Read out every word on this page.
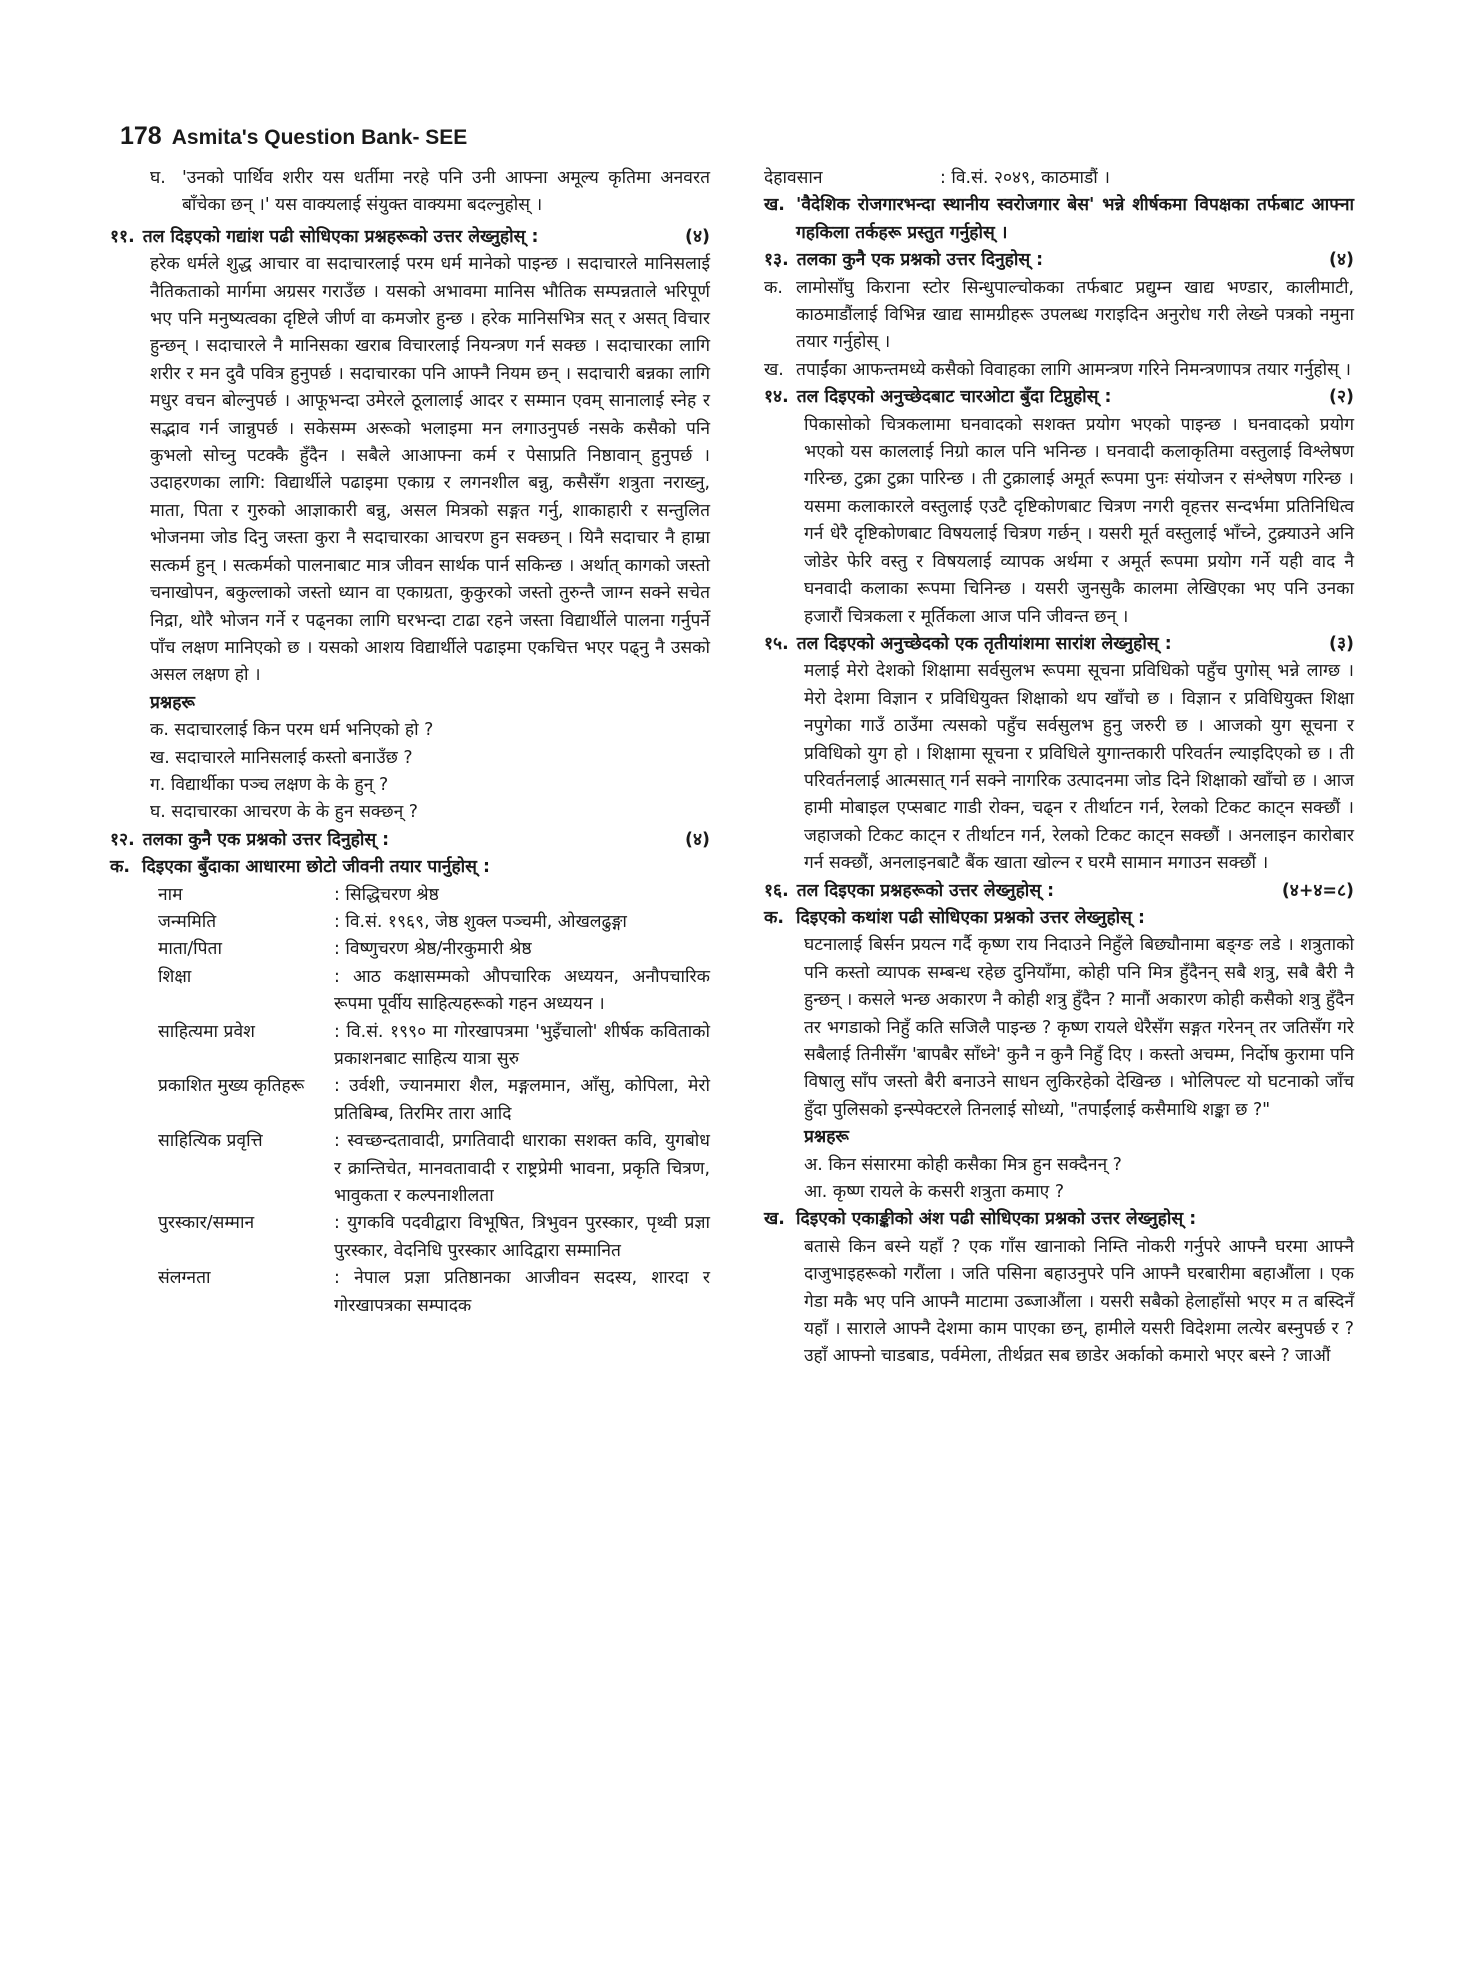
178 Asmita's Question Bank- SEE
घ. 'उनको पार्थिव शरीर यस धर्तीमा नरहे पनि उनी आफ्ना अमूल्य कृतिमा अनवरत बाँचेका छन् ।' यस वाक्यलाई संयुक्त वाक्यमा बदल्नुहोस् ।
११. तल दिइएको गद्यांश पढी सोधिएका प्रश्नहरूको उत्तर लेख्नुहोस् :	(४)
हरेक धर्मले शुद्ध आचार वा सदाचारलाई परम धर्म मानेको पाइन्छ । सदाचारले मानिसलाई नैतिकताको मार्गमा अग्रसर गराउँछ । यसको अभावमा मानिस भौतिक सम्पन्नताले भरिपूर्ण भए पनि मनुष्यत्वका दृष्टिले जीर्ण वा कमजोर हुन्छ । हरेक मानिसभित्र सत् र असत् विचार हुन्छन् । सदाचारले नै मानिसका खराब विचारलाई नियन्त्रण गर्न सक्छ । सदाचारका लागि शरीर र मन दुवै पवित्र हुनुपर्छ । सदाचारका पनि आफ्नै नियम छन् । सदाचारी बन्नका लागि मधुर वचन बोल्नुपर्छ । आफूभन्दा उमेरले ठूलालाई आदर र सम्मान एवम् सानालाई स्नेह र सद्भाव गर्न जान्नुपर्छ । सकेसम्म अरूको भलाइमा मन लगाउनुपर्छ नसके कसैको पनि कुभलो सोच्नु पटक्कै हुँदैन । सबैले आआफ्ना कर्म र पेसाप्रति निष्ठावान् हुनुपर्छ । उदाहरणका लागि: विद्यार्थीले पढाइमा एकाग्र र लगनशील बन्नु, कसैसँग शत्रुता नराख्नु, माता, पिता र गुरुको आज्ञाकारी बन्नु, असल मित्रको सङ्गत गर्नु, शाकाहारी र सन्तुलित भोजनमा जोड दिनु जस्ता कुरा नै सदाचारका आचरण हुन सक्छन् । यिनै सदाचार नै हाम्रा सत्कर्म हुन् । सत्कर्मको पालनाबाट मात्र जीवन सार्थक पार्न सकिन्छ । अर्थात् कागको जस्तो चनाखोपन, बकुल्लाको जस्तो ध्यान वा एकाग्रता, कुकुरको जस्तो तुरुन्तै जाग्न सक्ने सचेत निद्रा, थोरै भोजन गर्ने र पढ्नका लागि घरभन्दा टाढा रहने जस्ता विद्यार्थीले पालना गर्नुपर्ने पाँच लक्षण मानिएको छ । यसको आशय विद्यार्थीले पढाइमा एकचित्त भएर पढ्नु नै उसको असल लक्षण हो ।
प्रश्नहरू
क. सदाचारलाई किन परम धर्म भनिएको हो ?
ख. सदाचारले मानिसलाई कस्तो बनाउँछ ?
ग. विद्यार्थीका पञ्च लक्षण के के हुन् ?
घ. सदाचारका आचरण के के हुन सक्छन् ?
१२. तलका कुनै एक प्रश्नको उत्तर दिनुहोस् :	(४)
क. दिइएका बुँदाका आधारमा छोटो जीवनी तयार पार्नुहोस् :
नाम	: सिद्धिचरण श्रेष्ठ
जन्ममिति	: वि.सं. १९६९, जेष्ठ शुक्ल पञ्चमी, ओखलढुङ्गा
माता/पिता	: विष्णुचरण श्रेष्ठ/नीरकुमारी श्रेष्ठ
शिक्षा	: आठ कक्षासम्मको औपचारिक अध्ययन, अनौपचारिक रूपमा पूर्वीय साहित्यहरूको गहन अध्ययन ।
साहित्यमा प्रवेश	: वि.सं. १९९० मा गोरखापत्रमा 'भुइँचालो' शीर्षक कविताको प्रकाशनबाट साहित्य यात्रा सुरु
प्रकाशित मुख्य कृतिहरू	: उर्वशी, ज्यानमारा शैल, मङ्गलमान, आँसु, कोपिला, मेरो प्रतिबिम्ब, तिरमिर तारा आदि
साहित्यिक प्रवृत्ति	: स्वच्छन्दतावादी, प्रगतिवादी धाराका सशक्त कवि, युगबोध र क्रान्तिचेत, मानवतावादी र राष्ट्रप्रेमी भावना, प्रकृति चित्रण, भावुकता र कल्पनाशीलता
पुरस्कार/सम्मान	: युगकवि पदवीद्वारा विभूषित, त्रिभुवन पुरस्कार, पृथ्वी प्रज्ञा पुरस्कार, वेदनिधि पुरस्कार आदिद्वारा सम्मानित
संलग्नता	: नेपाल प्रज्ञा प्रतिष्ठानका आजीवन सदस्य, शारदा र गोरखापत्रका सम्पादक
देहावसान	: वि.सं. २०४९, काठमाडौं ।
ख. 'वैदेशिक रोजगारभन्दा स्थानीय स्वरोजगार बेस' भन्ने शीर्षकमा विपक्षका तर्फबाट आफ्ना गहकिला तर्कहरू प्रस्तुत गर्नुहोस् ।
१३. तलका कुनै एक प्रश्नको उत्तर दिनुहोस् :	(४)
क. लामोसाँघु किराना स्टोर सिन्धुपाल्चोकका तर्फबाट प्रद्युम्न खाद्य भण्डार, कालीमाटी, काठमाडौंलाई विभिन्न खाद्य सामग्रीहरू उपलब्ध गराइदिन अनुरोध गरी लेख्ने पत्रको नमुना तयार गर्नुहोस् ।
ख. तपाईंका आफन्तमध्ये कसैको विवाहका लागि आमन्त्रण गरिने निमन्त्रणापत्र तयार गर्नुहोस् ।
१४. तल दिइएको अनुच्छेदबाट चारओटा बुँदा टिप्नुहोस् :	(२)
पिकासोको चित्रकलामा घनवादको सशक्त प्रयोग भएको पाइन्छ । घनवादको प्रयोग भएको यस काललाई निग्रो काल पनि भनिन्छ । घनवादी कलाकृतिमा वस्तुलाई विश्लेषण गरिन्छ, टुक्रा टुक्रा पारिन्छ । ती टुक्रालाई अमूर्त रूपमा पुनः संयोजन र संश्लेषण गरिन्छ । यसमा कलाकारले वस्तुलाई एउटै दृष्टिकोणबाट चित्रण नगरी वृहत्तर सन्दर्भमा प्रतिनिधित्व गर्न धेरै दृष्टिकोणबाट विषयलाई चित्रण गर्छन् । यसरी मूर्त वस्तुलाई भाँच्ने, टुक्र्याउने अनि जोडेर फेरि वस्तु र विषयलाई व्यापक अर्थमा र अमूर्त रूपमा प्रयोग गर्ने यही वाद नै घनवादी कलाका रूपमा चिनिन्छ । यसरी जुनसुकै कालमा लेखिएका भए पनि उनका हजारौं चित्रकला र मूर्तिकला आज पनि जीवन्त छन् ।
१५. तल दिइएको अनुच्छेदको एक तृतीयांशमा सारांश लेख्नुहोस् :	(३)
मलाई मेरो देशको शिक्षामा सर्वसुलभ रूपमा सूचना प्रविधिको पहुँच पुगोस् भन्ने लाग्छ । मेरो देशमा विज्ञान र प्रविधियुक्त शिक्षाको थप खाँचो छ । विज्ञान र प्रविधियुक्त शिक्षा नपुगेका गाउँ ठाउँमा त्यसको पहुँच सर्वसुलभ हुनु जरुरी छ । आजको युग सूचना र प्रविधिको युग हो । शिक्षामा सूचना र प्रविधिले युगान्तकारी परिवर्तन ल्याइदिएको छ । ती परिवर्तनलाई आत्मसात् गर्न सक्ने नागरिक उत्पादनमा जोड दिने शिक्षाको खाँचो छ । आज हामी मोबाइल एप्सबाट गाडी रोक्न, चढ्न र तीर्थाटन गर्न, रेलको टिकट काट्न सक्छौं । जहाजको टिकट काट्न र तीर्थाटन गर्न, रेलको टिकट काट्न सक्छौं । अनलाइन कारोबार गर्न सक्छौं, अनलाइनबाटै बैंक खाता खोल्न र घरमै सामान मगाउन सक्छौं ।
१६. तल दिइएका प्रश्नहरूको उत्तर लेख्नुहोस् :	(४+४=८)
क. दिइएको कथांश पढी सोधिएका प्रश्नको उत्तर लेख्नुहोस् :
घटनालाई बिर्सन प्रयत्न गर्दै कृष्ण राय निदाउने निहुँले बिछ्यौनामा बङ्ग्ङ लडे । शत्रुताको पनि कस्तो व्यापक सम्बन्ध रहेछ दुनियाँमा, कोही पनि मित्र हुँदैनन् सबै शत्रु, सबै बैरी नै हुन्छन् । कसले भन्छ अकारण नै कोही शत्रु हुँदैन ? मानौं अकारण कोही कसैको शत्रु हुँदैन तर भगडाको निहुँ कति सजिलै पाइन्छ ? कृष्ण रायले धेरैसँग सङ्गत गरेनन् तर जतिसँग गरे सबैलाई तिनीसँग 'बापबैर साँध्ने' कुनै न कुनै निहुँ दिए । कस्तो अचम्म, निर्दोष कुरामा पनि विषालु साँप जस्तो बैरी बनाउने साधन लुकिरहेको देखिन्छ । भोलिपल्ट यो घटनाको जाँच हुँदा पुलिसको इन्स्पेक्टरले तिनलाई सोध्यो, "तपाईंलाई कसैमाथि शङ्का छ ?"
प्रश्नहरू
अ. किन संसारमा कोही कसैका मित्र हुन सक्दैनन् ?
आ. कृष्ण रायले के कसरी शत्रुता कमाए ?
ख. दिइएको एकाङ्कीको अंश पढी सोधिएका प्रश्नको उत्तर लेख्नुहोस् :
बतासे किन बस्ने यहाँ ? एक गाँस खानाको निम्ति नोकरी गर्नुपरे आफ्नै घरमा आफ्नै दाजुभाइहरूको गरौंला । जति पसिना बहाउनुपरे पनि आफ्नै घरबारीमा बहाऔंला । एक गेडा मकै भए पनि आफ्नै माटामा उब्जाऔंला । यसरी सबैको हेलाहाँसो भएर म त बस्दिनँ यहाँ । साराले आफ्नै देशमा काम पाएका छन्, हामीले यसरी विदेशमा लत्येर बस्नुपर्छ र ? उहाँ आफ्नो चाडबाड, पर्वमेला, तीर्थव्रत सब छाडेर अर्काको कमारो भएर बस्ने ? जाऔं
